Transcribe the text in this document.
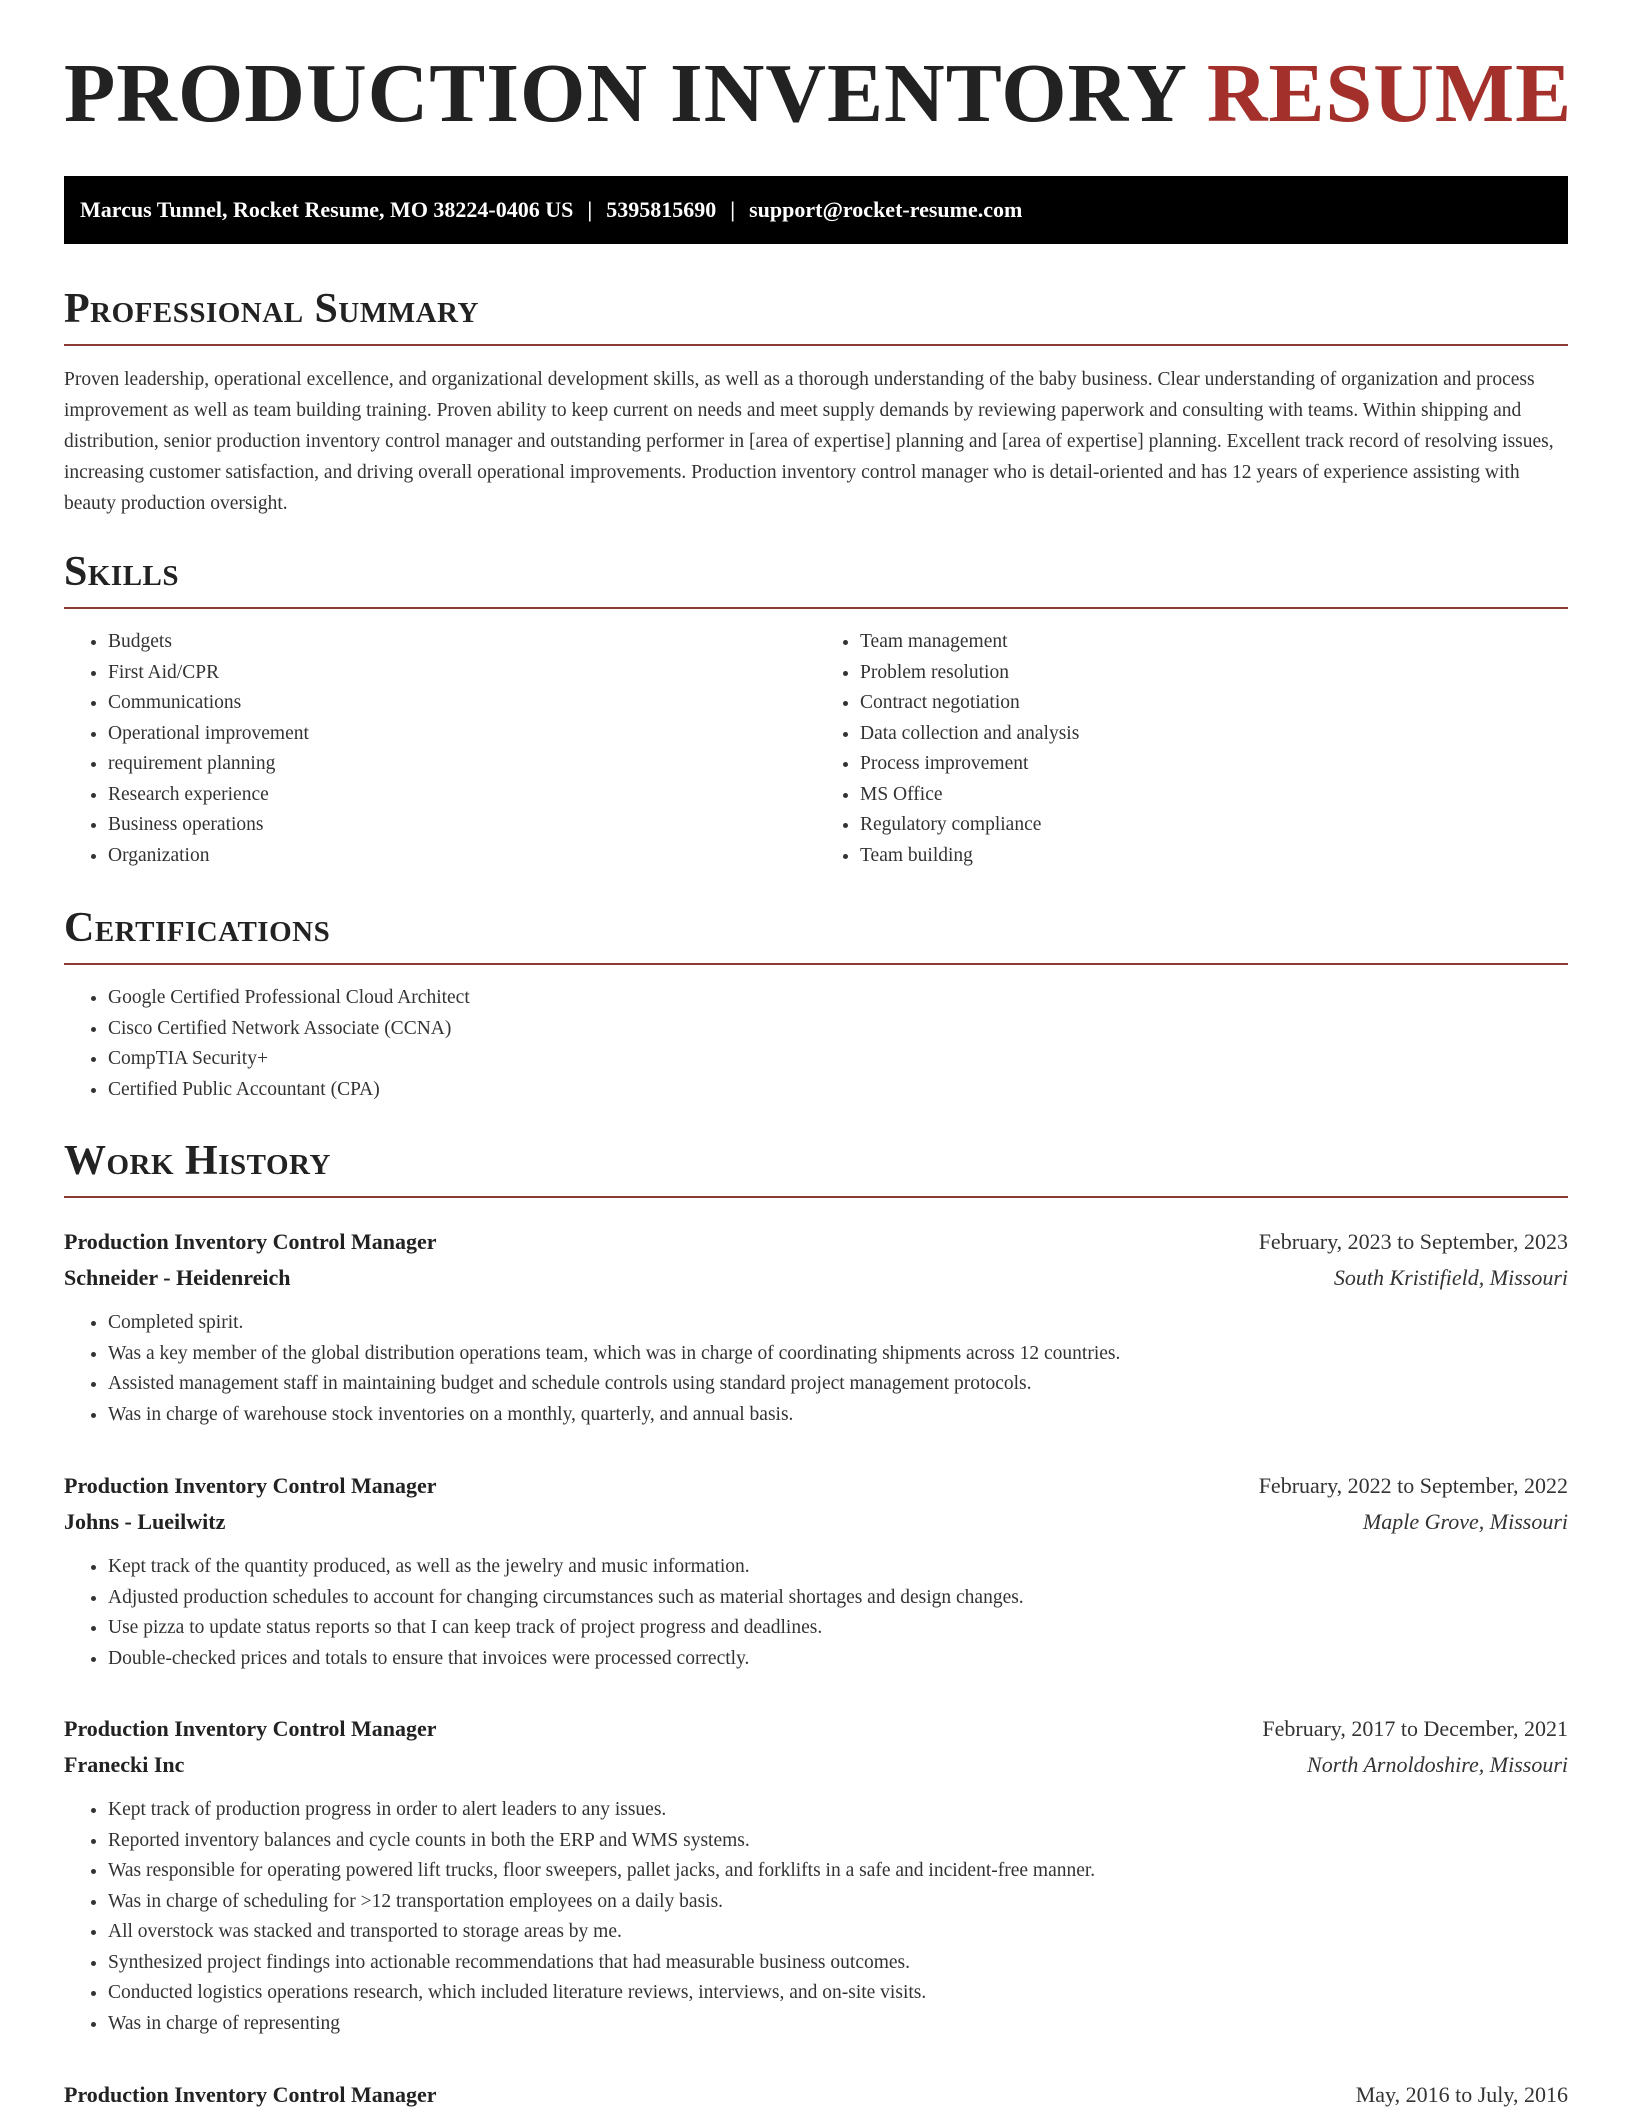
PRODUCTION INVENTORY RESUME
Marcus Tunnel, Rocket Resume, MO 38224-0406 US | 5395815690 | support@rocket-resume.com
Professional Summary

Proven leadership, operational excellence, and organizational development skills, as well as a thorough understanding of the baby business. Clear understanding of organization and process improvement as well as team building training. Proven ability to keep current on needs and meet supply demands by reviewing paperwork and consulting with teams. Within shipping and distribution, senior production inventory control manager and outstanding performer in [area of expertise] planning and [area of expertise] planning. Excellent track record of resolving issues, increasing customer satisfaction, and driving overall operational improvements. Production inventory control manager who is detail-oriented and has 12 years of experience assisting with beauty production oversight.

Skills
• Budgets
• First Aid/CPR
• Communications
• Operational improvement
• requirement planning
• Research experience
• Business operations
• Organization
• Team management
• Problem resolution
• Contract negotiation
• Data collection and analysis
• Process improvement
• MS Office
• Regulatory compliance
• Team building
Certifications
• Google Certified Professional Cloud Architect
• Cisco Certified Network Associate (CCNA)
• CompTIA Security+
• Certified Public Accountant (CPA)
Work History
Production Inventory Control Manager	February, 2023 to September, 2023
Schneider - Heidenreich	South Kristifield, Missouri
• Completed spirit.
• Was a key member of the global distribution operations team, which was in charge of coordinating shipments across 12 countries.
• Assisted management staff in maintaining budget and schedule controls using standard project management protocols.
• Was in charge of warehouse stock inventories on a monthly, quarterly, and annual basis.
Production Inventory Control Manager	February, 2022 to September, 2022
Johns - Lueilwitz	Maple Grove, Missouri
• Kept track of the quantity produced, as well as the jewelry and music information.
• Adjusted production schedules to account for changing circumstances such as material shortages and design changes.
• Use pizza to update status reports so that I can keep track of project progress and deadlines.
• Double-checked prices and totals to ensure that invoices were processed correctly.
Production Inventory Control Manager	February, 2017 to December, 2021
Franecki Inc	North Arnoldoshire, Missouri
• Kept track of production progress in order to alert leaders to any issues.
• Reported inventory balances and cycle counts in both the ERP and WMS systems.
• Was responsible for operating powered lift trucks, floor sweepers, pallet jacks, and forklifts in a safe and incident-free manner.
• Was in charge of scheduling for >12 transportation employees on a daily basis.
• All overstock was stacked and transported to storage areas by me.
• Synthesized project findings into actionable recommendations that had measurable business outcomes.
• Conducted logistics operations research, which included literature reviews, interviews, and on-site visits.
• Was in charge of representing
Production Inventory Control Manager	May, 2016 to July, 2016
